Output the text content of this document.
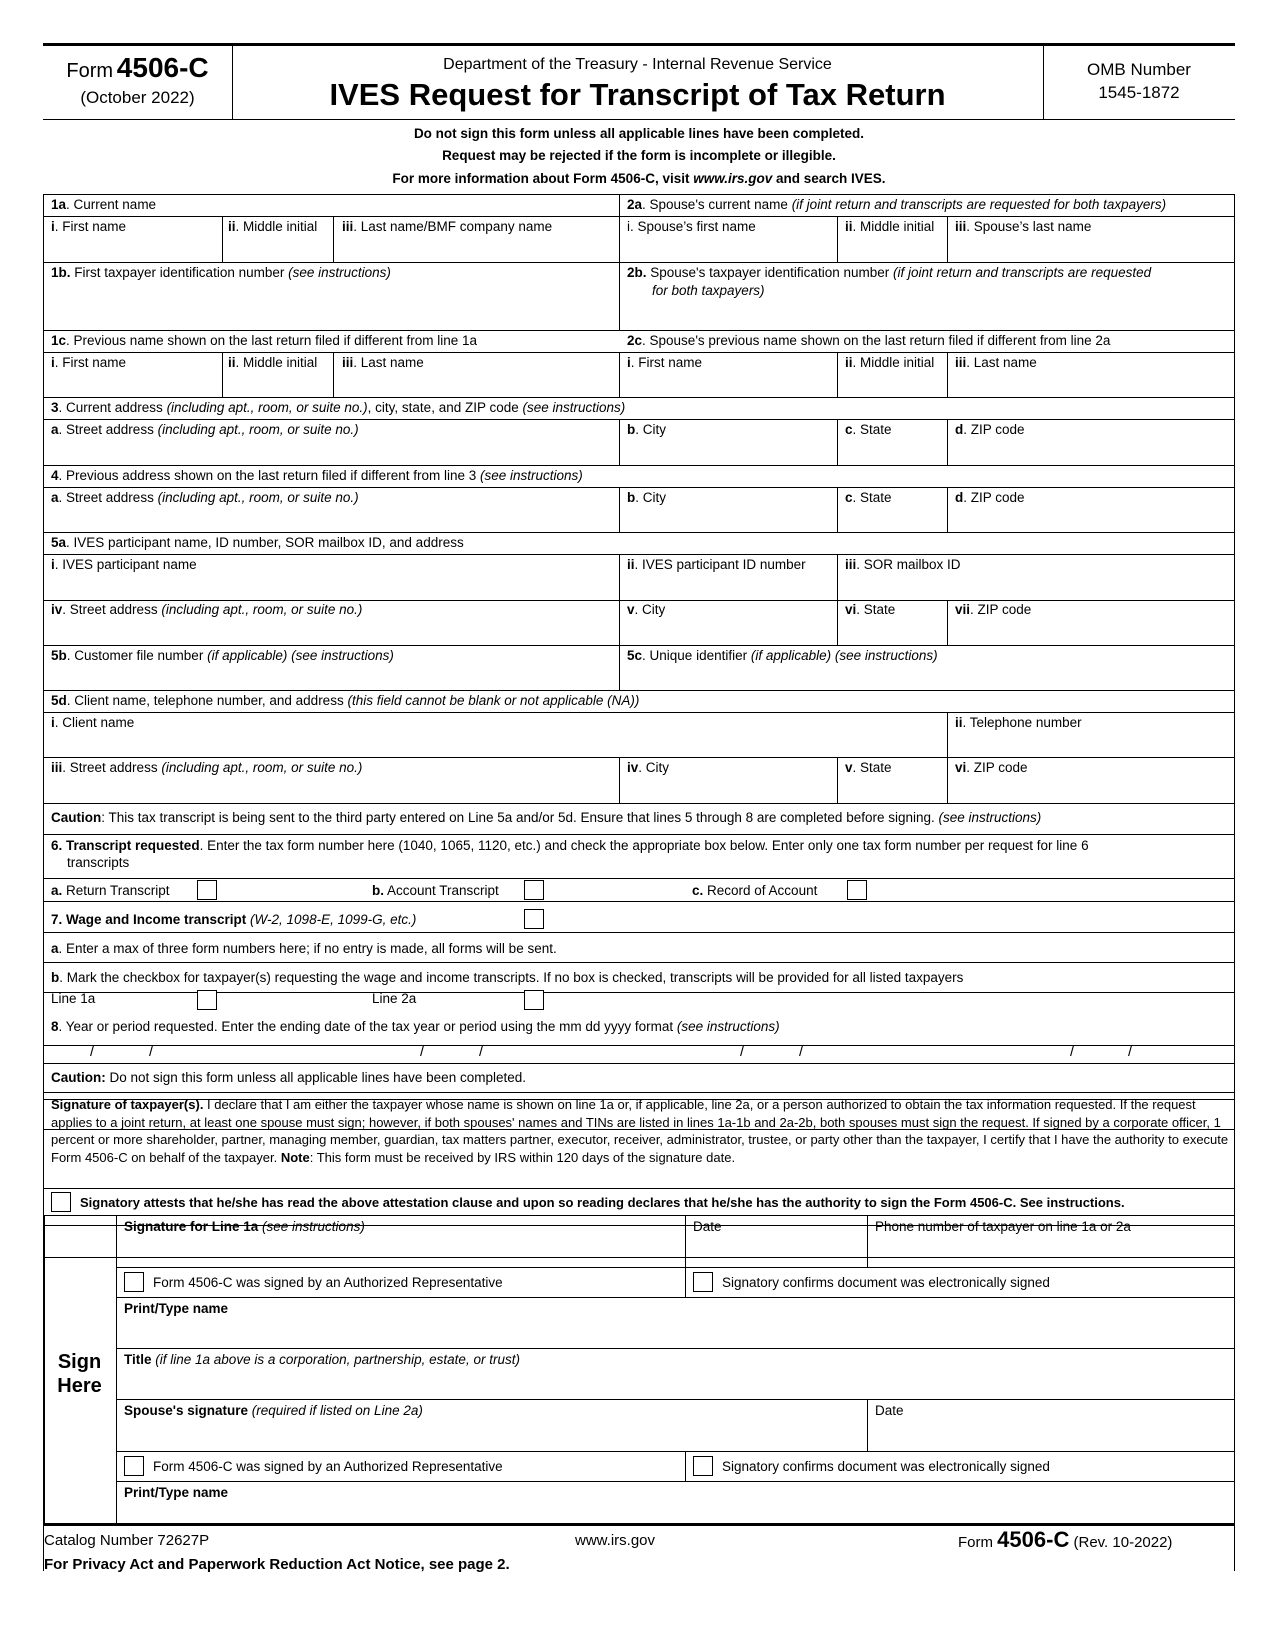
Form 4506-C
(October 2022)
Department of the Treasury - Internal Revenue Service
IVES Request for Transcript of Tax Return
OMB Number
1545-1872
Do not sign this form unless all applicable lines have been completed.
Request may be rejected if the form is incomplete or illegible.
For more information about Form 4506-C, visit www.irs.gov and search IVES.
1a. Current name	2a. Spouse's current name (if joint return and transcripts are requested for both taxpayers)
i. First name	ii. Middle initial iii. Last name/BMF company name	i. Spouse’s first name	ii. Middle initial iii. Spouse’s last name
1b. First taxpayer identification number (see instructions)	2b. Spouse's taxpayer identification number (if joint return and transcripts are requested
for both taxpayers)
1c. Previous name shown on the last return filed if different from line 1a	2c. Spouse's previous name shown on the last return filed if different from line 2a
i. First name	ii. Middle initial iii. Last name	i. First name	ii. Middle initial iii. Last name
3. Current address (including apt., room, or suite no.), city, state, and ZIP code (see instructions)
a. Street address (including apt., room, or suite no.)	b. City	c. State	d. ZIP code
4. Previous address shown on the last return filed if different from line 3 (see instructions)
a. Street address (including apt., room, or suite no.)	b. City	c. State	d. ZIP code
5a. IVES participant name, ID number, SOR mailbox ID, and address
i. IVES participant name	ii. IVES participant ID number	iii. SOR mailbox ID
iv. Street address (including apt., room, or suite no.)	v. City	vi. State	vii. ZIP code
5b. Customer file number (if applicable) (see instructions)	5c. Unique identifier (if applicable) (see instructions)
5d. Client name, telephone number, and address (this field cannot be blank or not applicable (NA))
i. Client name	ii. Telephone number
iii. Street address (including apt., room, or suite no.)	iv. City	v. State	vi. ZIP code
Caution: This tax transcript is being sent to the third party entered on Line 5a and/or 5d. Ensure that lines 5 through 8 are completed before signing. (see instructions)
6. Transcript requested. Enter the tax form number here (1040, 1065, 1120, etc.) and check the appropriate box below. Enter only one tax form number per request for line 6
transcripts
a. Return Transcript	b. Account Transcript	c. Record of Account
7. Wage and Income transcript (W-2, 1098-E, 1099-G, etc.)
a. Enter a max of three form numbers here; if no entry is made, all forms will be sent.
b. Mark the checkbox for taxpayer(s) requesting the wage and income transcripts. If no box is checked, transcripts will be provided for all listed taxpayers
Line 1a	Line 2a
8. Year or period requested. Enter the ending date of the tax year or period using the mm dd yyyy format (see instructions)
/	/	/	/	/	/	/	/
Caution: Do not sign this form unless all applicable lines have been completed.
Signature of taxpayer(s). I declare that I am either the taxpayer whose name is shown on line 1a or, if applicable, line 2a, or a person authorized to obtain the tax information requested. If the request applies to a joint return, at least one spouse must sign; however, if both spouses' names and TINs are listed in lines 1a-1b and 2a-2b, both spouses must sign the request. If signed by a corporate officer, 1 percent or more shareholder, partner, managing member, guardian, tax matters partner, executor, receiver, administrator, trustee, or party other than the taxpayer, I certify that I have the authority to execute Form 4506-C on behalf of the taxpayer. Note: This form must be received by IRS within 120 days of the signature date.
Signatory attests that he/she has read the above attestation clause and upon so reading declares that he/she has the authority to sign the Form 4506-C. See instructions.
Sign
Here
Signature for Line 1a (see instructions)	Date	Phone number of taxpayer on line 1a or 2a
Form 4506-C was signed by an Authorized Representative	Signatory confirms document was electronically signed
Print/Type name
Title (if line 1a above is a corporation, partnership, estate, or trust)
Spouse's signature (required if listed on Line 2a)	Date
Form 4506-C was signed by an Authorized Representative	Signatory confirms document was electronically signed
Print/Type name
Catalog Number 72627P	www.irs.gov	Form 4506-C (Rev. 10-2022)
For Privacy Act and Paperwork Reduction Act Notice, see page 2.
